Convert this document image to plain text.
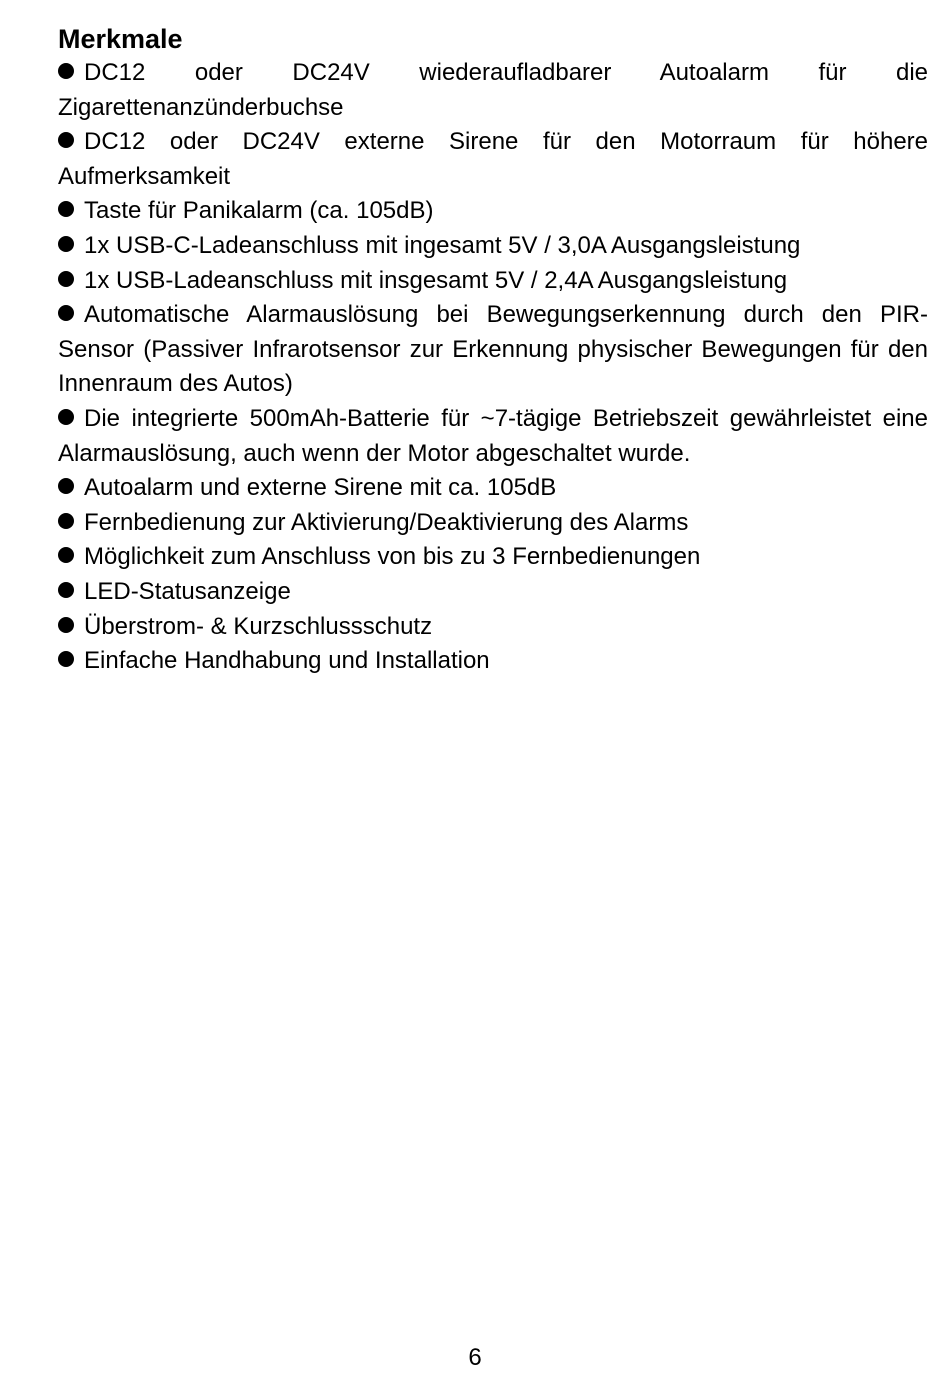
Merkmale
DC12 oder DC24V wiederaufladbarer Autoalarm für die Zigarettenanzünderbuchse
DC12 oder DC24V externe Sirene für den Motorraum für höhere Aufmerksamkeit
Taste für Panikalarm (ca. 105dB)
1x USB-C-Ladeanschluss mit ingesamt 5V / 3,0A Ausgangsleistung
1x USB-Ladeanschluss mit insgesamt 5V / 2,4A Ausgangsleistung
Automatische Alarmauslösung bei Bewegungserkennung durch den PIR-Sensor (Passiver Infrarotsensor zur Erkennung physischer Bewegungen für den Innenraum des Autos)
Die integrierte 500mAh-Batterie für ~7-tägige Betriebszeit gewährleistet eine Alarmauslösung, auch wenn der Motor abgeschaltet wurde.
Autoalarm und externe Sirene mit ca. 105dB
Fernbedienung zur Aktivierung/Deaktivierung des Alarms
Möglichkeit zum Anschluss von bis zu 3 Fernbedienungen
LED-Statusanzeige
Überstrom- & Kurzschlussschutz
Einfache Handhabung und Installation
6
